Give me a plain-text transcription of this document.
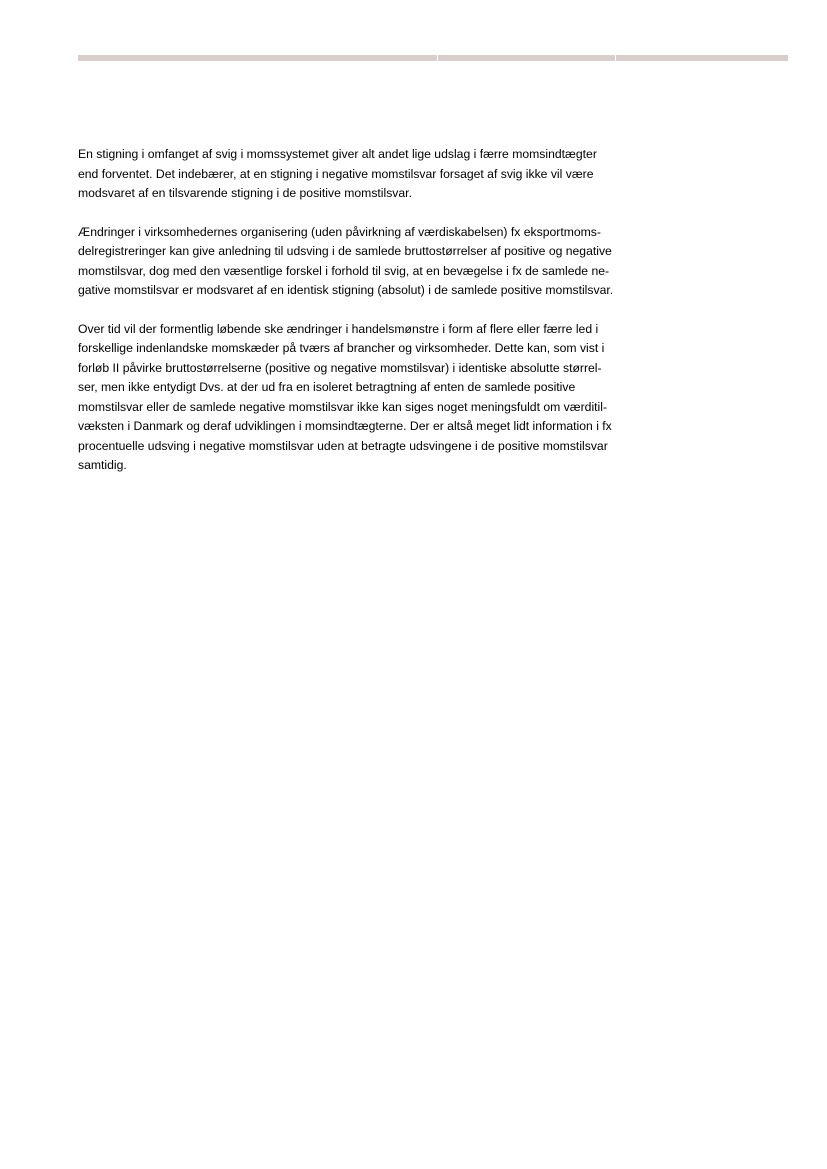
En stigning i omfanget af svig i momssystemet giver alt andet lige udslag i færre momsindtægter
end forventet. Det indebærer, at en stigning i negative momstilsvar forsaget af svig ikke vil være
modsvaret af en tilsvarende stigning i de positive momstilsvar.

Ændringer i virksomhedernes organisering (uden påvirkning af værdiskabelsen) fx eksportmoms-
delregistreringer kan give anledning til udsving i de samlede bruttostørrelser af positive og negative
momstilsvar, dog med den væsentlige forskel i forhold til svig, at en bevægelse i fx de samlede ne-
gative momstilsvar er modsvaret af en identisk stigning (absolut) i de samlede positive momstilsvar.

Over tid vil der formentlig løbende ske ændringer i handelsmønstre i form af flere eller færre led i
forskellige indenlandske momskæder på tværs af brancher og virksomheder. Dette kan, som vist i
forløb II påvirke bruttostørrelserne (positive og negative momstilsvar) i identiske absolutte størrel-
ser, men ikke entydigt Dvs. at der ud fra en isoleret betragtning af enten de samlede positive
momstilsvar eller de samlede negative momstilsvar ikke kan siges noget meningsfuldt om værditil-
væksten i Danmark og deraf udviklingen i momsindtægterne. Der er altså meget lidt information i fx
procentuelle udsving i negative momstilsvar uden at betragte udsvingene i de positive momstilsvar
samtidig.
